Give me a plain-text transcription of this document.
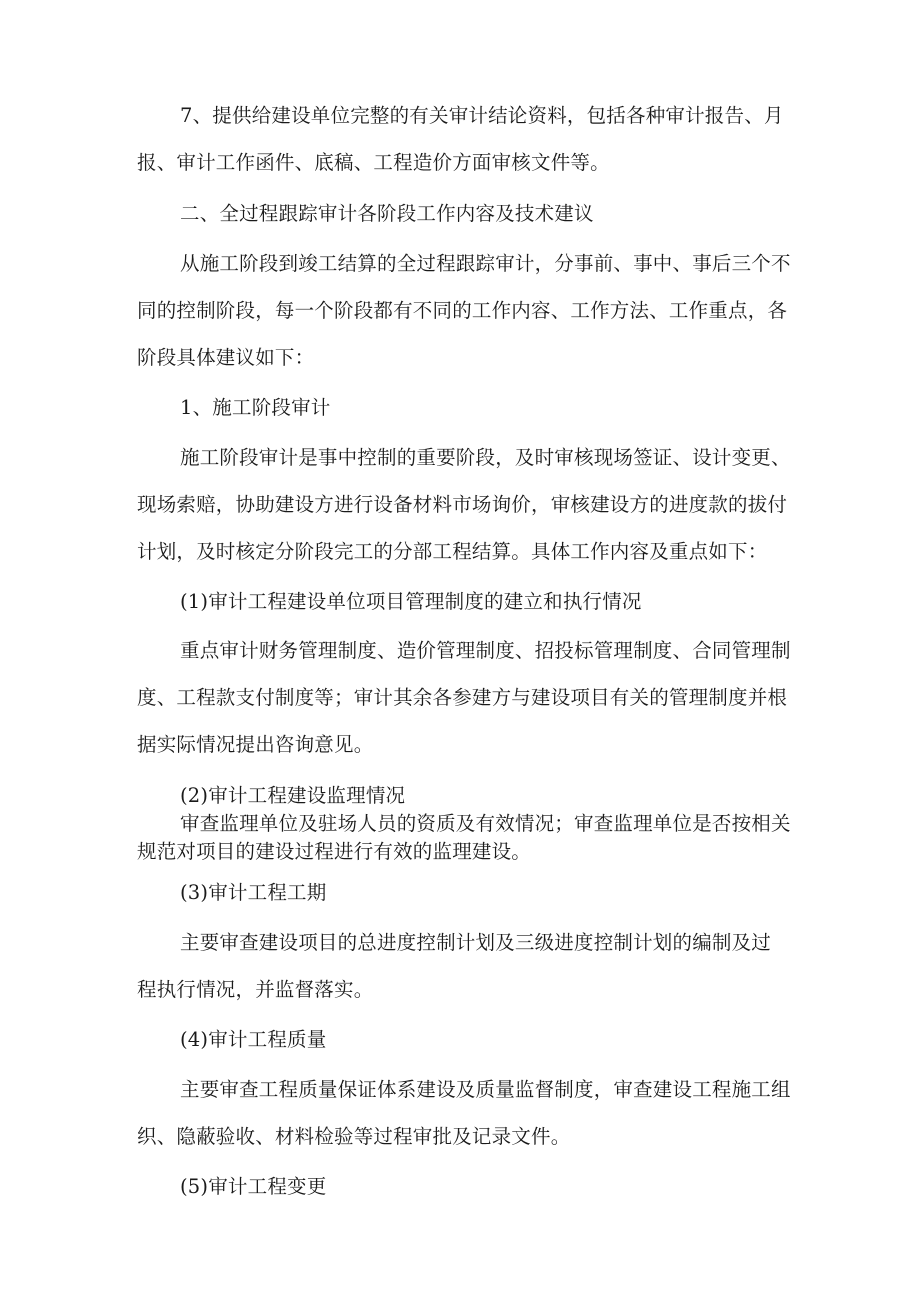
7、提供给建设单位完整的有关审计结论资料，包括各种审计报告、月
报、审计工作函件、底稿、工程造价方面审核文件等。
二、全过程跟踪审计各阶段工作内容及技术建议
从施工阶段到竣工结算的全过程跟踪审计，分事前、事中、事后三个不
同的控制阶段，每一个阶段都有不同的工作内容、工作方法、工作重点，各
阶段具体建议如下：
1、施工阶段审计
施工阶段审计是事中控制的重要阶段，及时审核现场签证、设计变更、
现场索赔，协助建设方进行设备材料市场询价，审核建设方的进度款的拔付
计划，及时核定分阶段完工的分部工程结算。具体工作内容及重点如下：
(1)审计工程建设单位项目管理制度的建立和执行情况
重点审计财务管理制度、造价管理制度、招投标管理制度、合同管理制
度、工程款支付制度等；审计其余各参建方与建设项目有关的管理制度并根
据实际情况提出咨询意见。
(2)审计工程建设监理情况
审查监理单位及驻场人员的资质及有效情况；审查监理单位是否按相关
规范对项目的建设过程进行有效的监理建设。
(3)审计工程工期
主要审查建设项目的总进度控制计划及三级进度控制计划的编制及过
程执行情况，并监督落实。
(4)审计工程质量
主要审查工程质量保证体系建设及质量监督制度，审查建设工程施工组
织、隐蔽验收、材料检验等过程审批及记录文件。
(5)审计工程变更
